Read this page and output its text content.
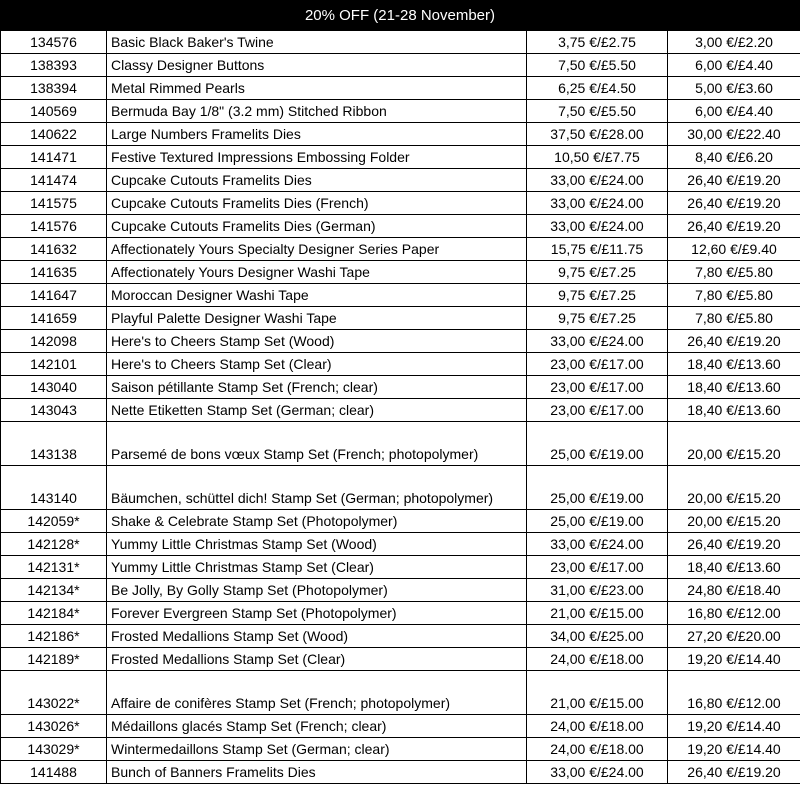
20% OFF (21-28 November)
134576	Basic Black Baker's Twine	3,75 €/£2.75	3,00 €/£2.20
138393	Classy Designer Buttons	7,50 €/£5.50	6,00 €/£4.40
138394	Metal Rimmed Pearls	6,25 €/£4.50	5,00 €/£3.60
140569	Bermuda Bay 1/8" (3.2 mm) Stitched Ribbon	7,50 €/£5.50	6,00 €/£4.40
140622	Large Numbers Framelits Dies	37,50 €/£28.00	30,00 €/£22.40
141471	Festive Textured Impressions Embossing Folder	10,50 €/£7.75	8,40 €/£6.20
141474	Cupcake Cutouts Framelits Dies	33,00 €/£24.00	26,40 €/£19.20
141575	Cupcake Cutouts Framelits Dies (French)	33,00 €/£24.00	26,40 €/£19.20
141576	Cupcake Cutouts Framelits Dies (German)	33,00 €/£24.00	26,40 €/£19.20
141632	Affectionately Yours Specialty Designer Series Paper	15,75 €/£11.75	12,60 €/£9.40
141635	Affectionately Yours Designer Washi Tape	9,75 €/£7.25	7,80 €/£5.80
141647	Moroccan Designer Washi Tape	9,75 €/£7.25	7,80 €/£5.80
141659	Playful Palette Designer Washi Tape	9,75 €/£7.25	7,80 €/£5.80
142098	Here's to Cheers Stamp Set (Wood)	33,00 €/£24.00	26,40 €/£19.20
142101	Here's to Cheers Stamp Set (Clear)	23,00 €/£17.00	18,40 €/£13.60
143040	Saison pétillante Stamp Set (French; clear)	23,00 €/£17.00	18,40 €/£13.60
143043	Nette Etiketten Stamp Set (German; clear)	23,00 €/£17.00	18,40 €/£13.60
143138	Parsemé de bons vœux Stamp Set (French; photopolymer)	25,00 €/£19.00	20,00 €/£15.20
143140	Bäumchen, schüttel dich! Stamp Set (German; photopolymer)	25,00 €/£19.00	20,00 €/£15.20
142059*	Shake & Celebrate Stamp Set (Photopolymer)	25,00 €/£19.00	20,00 €/£15.20
142128*	Yummy Little Christmas Stamp Set (Wood)	33,00 €/£24.00	26,40 €/£19.20
142131*	Yummy Little Christmas Stamp Set (Clear)	23,00 €/£17.00	18,40 €/£13.60
142134*	Be Jolly, By Golly Stamp Set (Photopolymer)	31,00 €/£23.00	24,80 €/£18.40
142184*	Forever Evergreen Stamp Set (Photopolymer)	21,00 €/£15.00	16,80 €/£12.00
142186*	Frosted Medallions Stamp Set (Wood)	34,00 €/£25.00	27,20 €/£20.00
142189*	Frosted Medallions Stamp Set (Clear)	24,00 €/£18.00	19,20 €/£14.40
143022*	Affaire de conifères Stamp Set (French; photopolymer)	21,00 €/£15.00	16,80 €/£12.00
143026*	Médaillons glacés Stamp Set (French; clear)	24,00 €/£18.00	19,20 €/£14.40
143029*	Wintermedaillons Stamp Set (German; clear)	24,00 €/£18.00	19,20 €/£14.40
141488	Bunch of Banners Framelits Dies	33,00 €/£24.00	26,40 €/£19.20
